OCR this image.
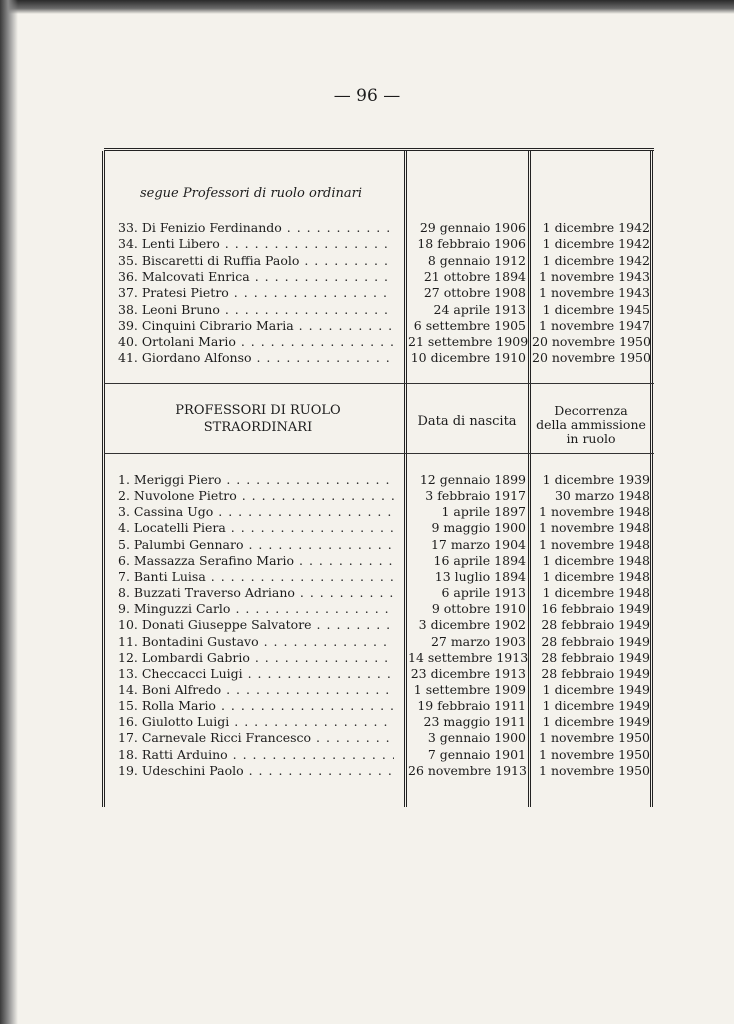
— 96 —
segue Professori di ruolo ordinari
33. Di Fenizio Ferdinando . . .	29 gennaio 1906	1 dicembre 1942
34. Lenti Libero . . .	18 febbraio 1906	1 dicembre 1942
35. Biscaretti di Ruffia Paolo . . .	8 gennaio 1912	1 dicembre 1942
36. Malcovati Enrica . . .	21 ottobre 1894	1 novembre 1943
37. Pratesi Pietro . . .	27 ottobre 1908	1 novembre 1943
38. Leoni Bruno . . .	24 aprile 1913	1 dicembre 1945
39. Cinquini Cibrario Maria . . .	6 settembre 1905	1 novembre 1947
40. Ortolani Mario . . .	21 settembre 1909 20 novembre 1950
41. Giordano Alfonso . . .	10 dicembre 1910 20 novembre 1950
PROFESSORI DI RUOLO
STRAORDINARI	Data di nascita
Decorrenza
della ammissione
in ruolo
1. Meriggi Piero . . .	12 gennaio 1899	1 dicembre 1939
2. Nuvolone Pietro . . .	3 febbraio 1917	30 marzo 1948
3. Cassina Ugo . . .	1 aprile 1897	1 novembre 1948
4. Locatelli Piera . . .	9 maggio 1900	1 novembre 1948
5. Palumbi Gennaro . . .	17 marzo 1904	1 novembre 1948
6. Massazza Serafino Mario . . .	16 aprile 1894	1 dicembre 1948
7. Banti Luisa . . .	13 luglio 1894	1 dicembre 1948
8. Buzzati Traverso Adriano . . .	6 aprile 1913	1 dicembre 1948
9. Minguzzi Carlo . . .	9 ottobre 1910	16 febbraio 1949
10. Donati Giuseppe Salvatore . . .	3 dicembre 1902	28 febbraio 1949
11. Bontadini Gustavo . . .	27 marzo 1903	28 febbraio 1949
12. Lombardi Gabrio . . .	14 settembre 1913	28 febbraio 1949
13. Checcacci Luigi . . .	23 dicembre 1913	28 febbraio 1949
14. Boni Alfredo . . .	1 settembre 1909	1 dicembre 1949
15. Rolla Mario . . .	19 febbraio 1911	1 dicembre 1949
16. Giulotto Luigi . . .	23 maggio 1911	1 dicembre 1949
17. Carnevale Ricci Francesco . . .	3 gennaio 1900	1 novembre 1950
18. Ratti Arduino . . .	7 gennaio 1901	1 novembre 1950
19. Udeschini Paolo . . .	26 novembre 1913 1 novembre 1950
